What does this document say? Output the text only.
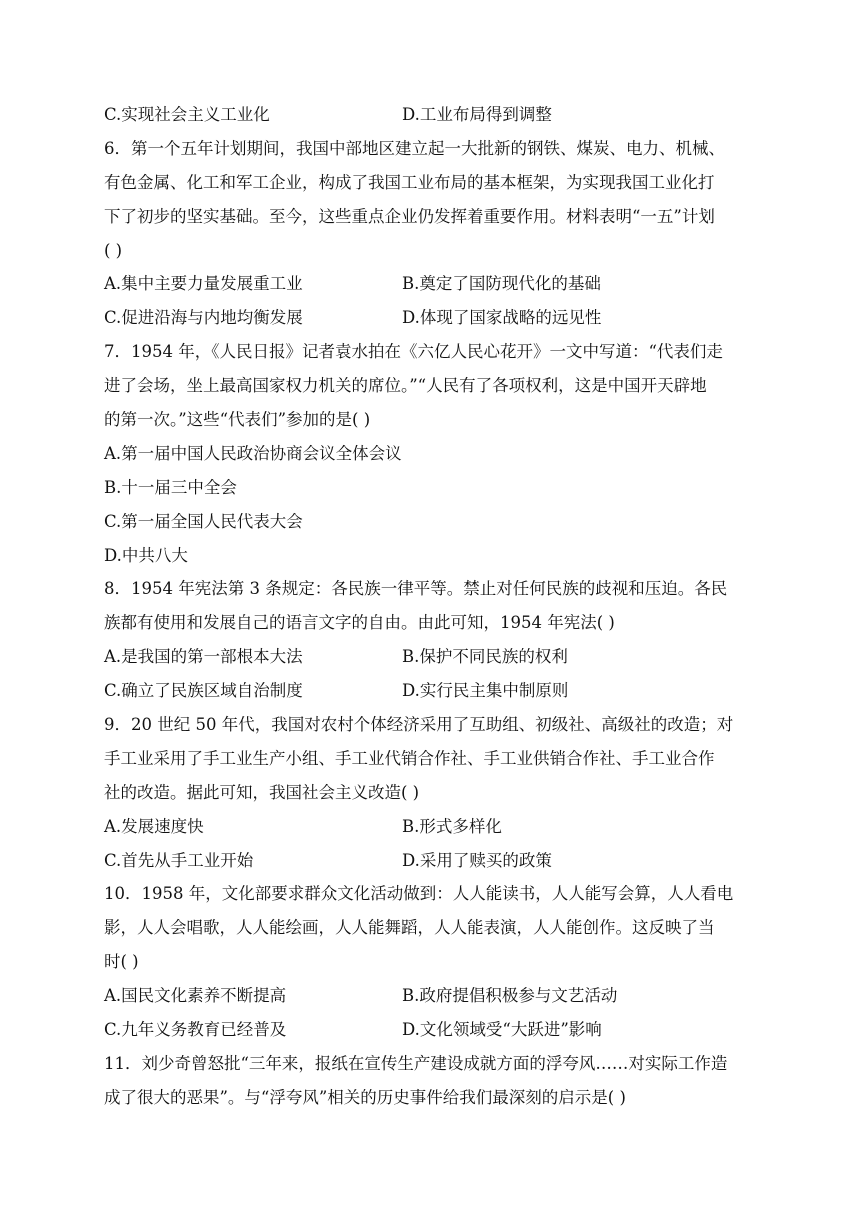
C.实现社会主义工业化	D.工业布局得到调整
6．第一个五年计划期间，我国中部地区建立起一大批新的钢铁、煤炭、电力、机械、
有色金属、化工和军工企业，构成了我国工业布局的基本框架，为实现我国工业化打
下了初步的坚实基础。至今，这些重点企业仍发挥着重要作用。材料表明“一五”计划
( )
A.集中主要力量发展重工业	B.奠定了国防现代化的基础
C.促进沿海与内地均衡发展	D.体现了国家战略的远见性
7．1954 年，《人民日报》记者袁水拍在《六亿人民心花开》一文中写道：“代表们走
进了会场，坐上最高国家权力机关的席位。”“人民有了各项权利，这是中国开天辟地
的第一次。”这些“代表们”参加的是( )
A.第一届中国人民政治协商会议全体会议
B.十一届三中全会
C.第一届全国人民代表大会
D.中共八大
8．1954 年宪法第 3 条规定：各民族一律平等。禁止对任何民族的歧视和压迫。各民
族都有使用和发展自己的语言文字的自由。由此可知，1954 年宪法( )
A.是我国的第一部根本大法	B.保护不同民族的权利
C.确立了民族区域自治制度	D.实行民主集中制原则
9．20 世纪 50 年代，我国对农村个体经济采用了互助组、初级社、高级社的改造；对
手工业采用了手工业生产小组、手工业代销合作社、手工业供销合作社、手工业合作
社的改造。据此可知，我国社会主义改造( )
A.发展速度快	B.形式多样化
C.首先从手工业开始	D.采用了赎买的政策
10．1958 年，文化部要求群众文化活动做到：人人能读书，人人能写会算，人人看电
影，人人会唱歌，人人能绘画，人人能舞蹈，人人能表演，人人能创作。这反映了当
时( )
A.国民文化素养不断提高	B.政府提倡积极参与文艺活动
C.九年义务教育已经普及	D.文化领域受“大跃进”影响
11．刘少奇曾怒批“三年来，报纸在宣传生产建设成就方面的浮夸风……对实际工作造
成了很大的恶果”。与“浮夸风”相关的历史事件给我们最深刻的启示是( )
